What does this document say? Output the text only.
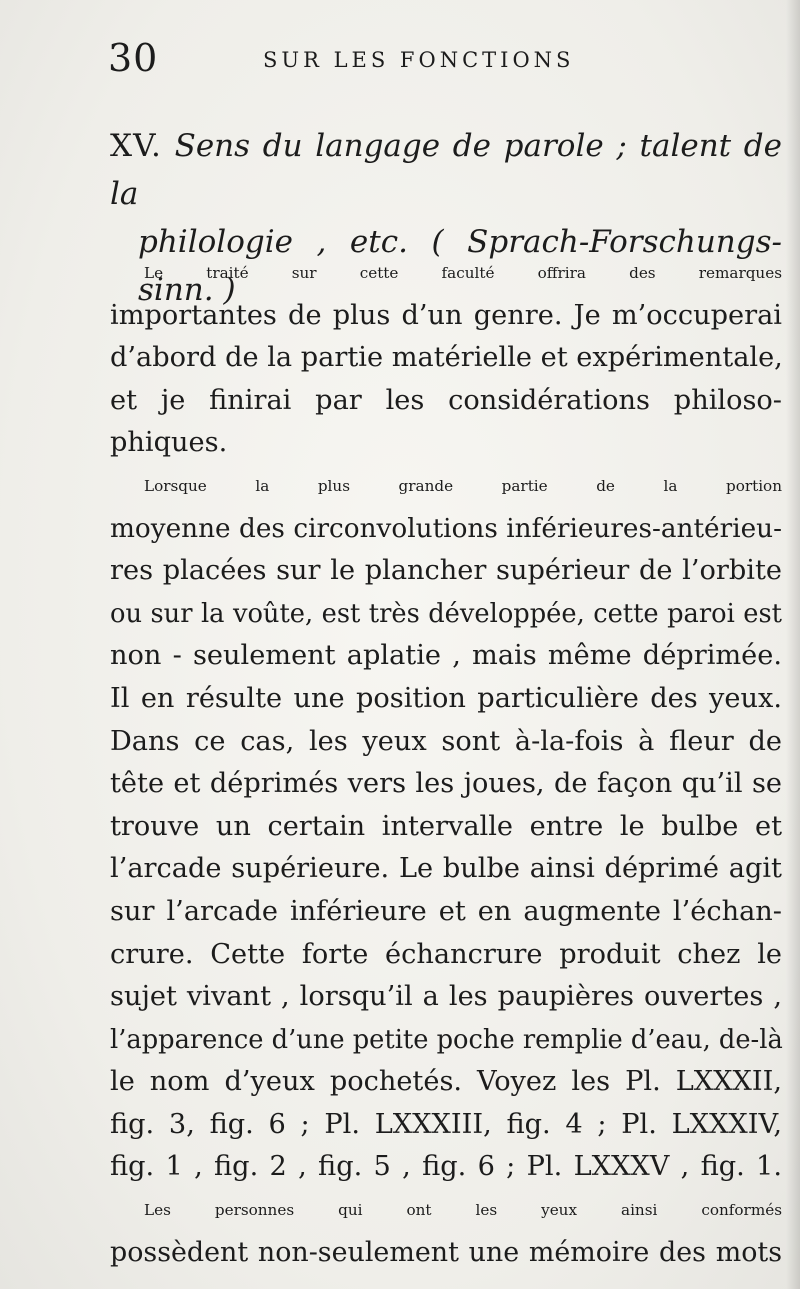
30	SUR LES FONCTIONS
XV. Sens du langage de parole ; talent de la
philologie , etc. ( Sprach-Forschungs-sinn. )

Le traité sur cette faculté offrira des remarques
importantes de plus d’un genre. Je m’occuperai
d’abord de la partie matérielle et expérimentale,
et je finirai par les considérations philoso-
phiques.

Lorsque la plus grande partie de la portion
moyenne des circonvolutions inférieures-antérieu-
res placées sur le plancher supérieur de l’orbite
ou sur la voûte, est très développée, cette paroi est
non - seulement aplatie , mais même déprimée.
Il en résulte une position particulière des yeux.
Dans ce cas, les yeux sont à-la-fois à fleur de
tête et déprimés vers les joues, de façon qu’il se
trouve un certain intervalle entre le bulbe et
l’arcade supérieure. Le bulbe ainsi déprimé agit
sur l’arcade inférieure et en augmente l’échan-
crure. Cette forte échancrure produit chez le
sujet vivant , lorsqu’il a les paupières ouvertes ,
l’apparence d’une petite poche remplie d’eau, de-là
le nom d’yeux pochetés. Voyez les Pl. LXXXII,
fig. 3, fig. 6 ; Pl. LXXXIII, fig. 4 ; Pl. LXXXIV,
fig. 1 , fig. 2 , fig. 5 , fig. 6 ; Pl. LXXXV , fig. 1.

Les personnes qui ont les yeux ainsi conformés
possèdent non-seulement une mémoire des mots
